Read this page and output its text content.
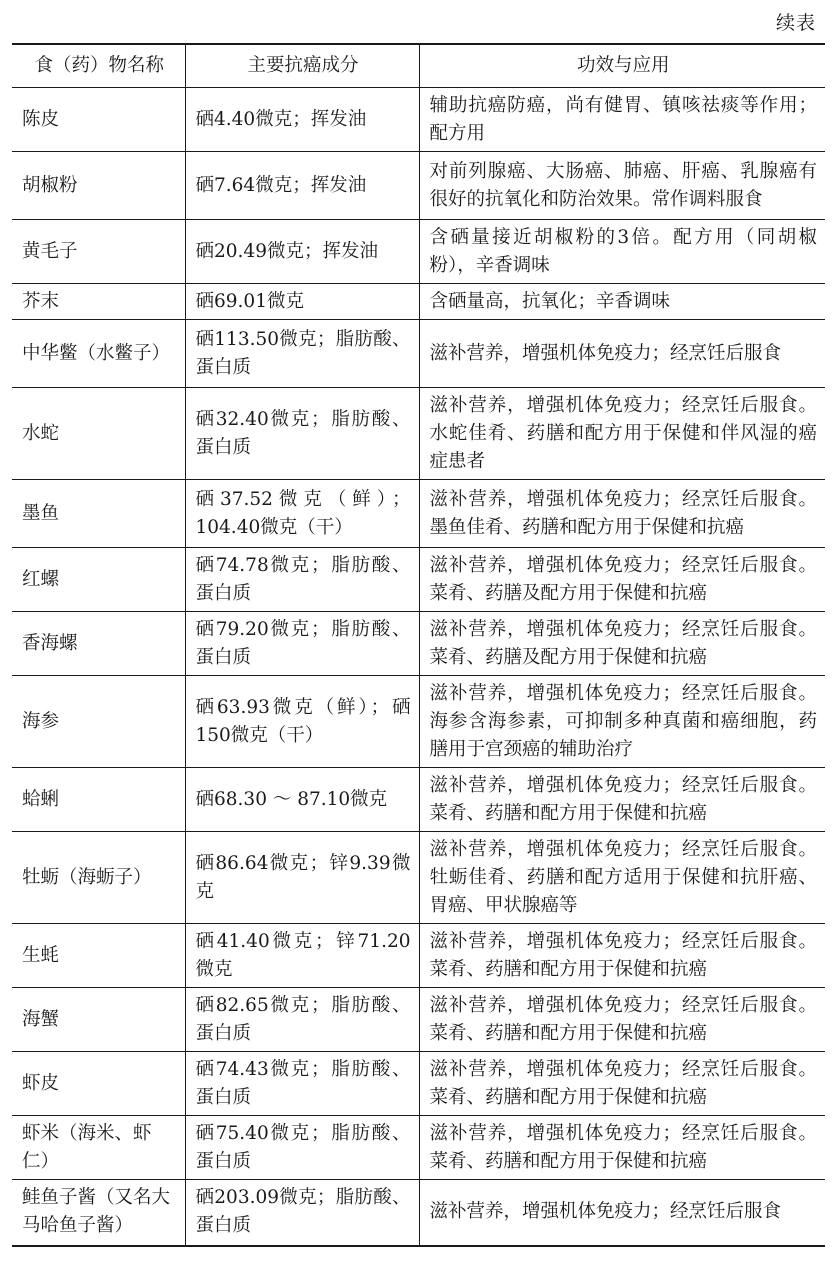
续表
食（药）物名称	主要抗癌成分	功效与应用
陈皮	硒4.40微克；挥发油	辅助抗癌防癌，尚有健胃、镇咳祛痰等作用；配方用
胡椒粉	硒7.64微克；挥发油	对前列腺癌、大肠癌、肺癌、肝癌、乳腺癌有很好的抗氧化和防治效果。常作调料服食
黄毛子	硒20.49微克；挥发油	含硒量接近胡椒粉的3倍。配方用（同胡椒粉），辛香调味
芥末	硒69.01微克	含硒量高，抗氧化；辛香调味
中华鳖（水鳖子）	硒113.50微克；脂肪酸、蛋白质	滋补营养，增强机体免疫力；经烹饪后服食
水蛇	硒32.40微克；脂肪酸、蛋白质	滋补营养，增强机体免疫力；经烹饪后服食。水蛇佳肴、药膳和配方用于保健和伴风湿的癌症患者
墨鱼	硒37.52微克（鲜）；104.40微克（干）	滋补营养，增强机体免疫力；经烹饪后服食。墨鱼佳肴、药膳和配方用于保健和抗癌
红螺	硒74.78微克；脂肪酸、蛋白质	滋补营养，增强机体免疫力；经烹饪后服食。菜肴、药膳及配方用于保健和抗癌
香海螺	硒79.20微克；脂肪酸、蛋白质	滋补营养，增强机体免疫力；经烹饪后服食。菜肴、药膳及配方用于保健和抗癌
海参	硒63.93微克（鲜）；硒150微克（干）	滋补营养，增强机体免疫力；经烹饪后服食。海参含海参素，可抑制多种真菌和癌细胞，药膳用于宫颈癌的辅助治疗
蛤蜊	硒68.30 ～ 87.10微克	滋补营养，增强机体免疫力；经烹饪后服食。菜肴、药膳和配方用于保健和抗癌
牡蛎（海蛎子）	硒86.64微克；锌9.39微克	滋补营养，增强机体免疫力；经烹饪后服食。牡蛎佳肴、药膳和配方适用于保健和抗肝癌、胃癌、甲状腺癌等
生蚝	硒41.40微克；锌71.20微克	滋补营养，增强机体免疫力；经烹饪后服食。菜肴、药膳和配方用于保健和抗癌
海蟹	硒82.65微克；脂肪酸、蛋白质	滋补营养，增强机体免疫力；经烹饪后服食。菜肴、药膳和配方用于保健和抗癌
虾皮	硒74.43微克；脂肪酸、蛋白质	滋补营养，增强机体免疫力；经烹饪后服食。菜肴、药膳和配方用于保健和抗癌
虾米（海米、虾仁）	硒75.40微克；脂肪酸、蛋白质	滋补营养，增强机体免疫力；经烹饪后服食。菜肴、药膳和配方用于保健和抗癌
鲑鱼子酱（又名大马哈鱼子酱）	硒203.09微克；脂肪酸、蛋白质	滋补营养，增强机体免疫力；经烹饪后服食
